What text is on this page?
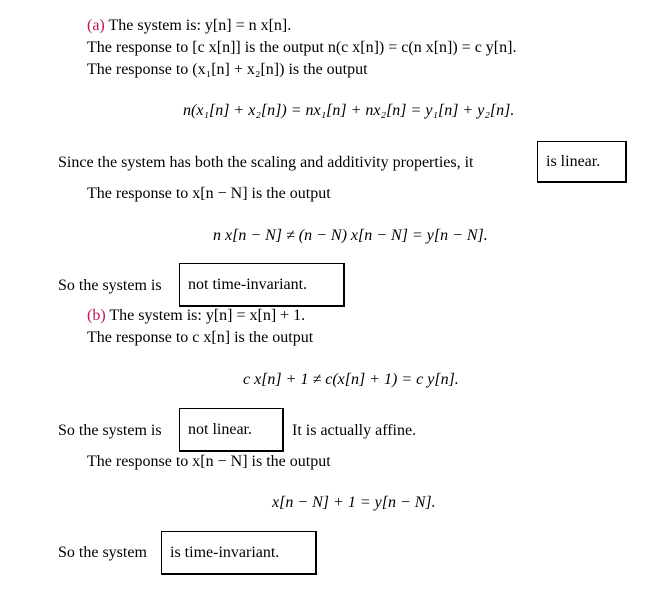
(a) The system is: y[n] = n x[n].
The response to [c x[n]] is the output n(c x[n]) = c(n x[n]) = c y[n].
The response to (x₁[n] + x₂[n]) is the output
n(x₁[n] + x₂[n]) = nx₁[n] + nx₂[n] = y₁[n] + y₂[n].
Since the system has both the scaling and additivity properties, it	is linear.
The response to x[n − N] is the output
n x[n − N] ≠ (n − N) x[n − N] = y[n − N].
So the system is not time-invariant.
(b) The system is: y[n] = x[n] + 1.
The response to c x[n] is the output
c x[n] + 1 ≠ c(x[n] + 1) = c y[n].
So the system is not linear.	It is actually affine.
The response to x[n − N] is the output
x[n − N] + 1 = y[n − N].
So the system is time-invariant.
